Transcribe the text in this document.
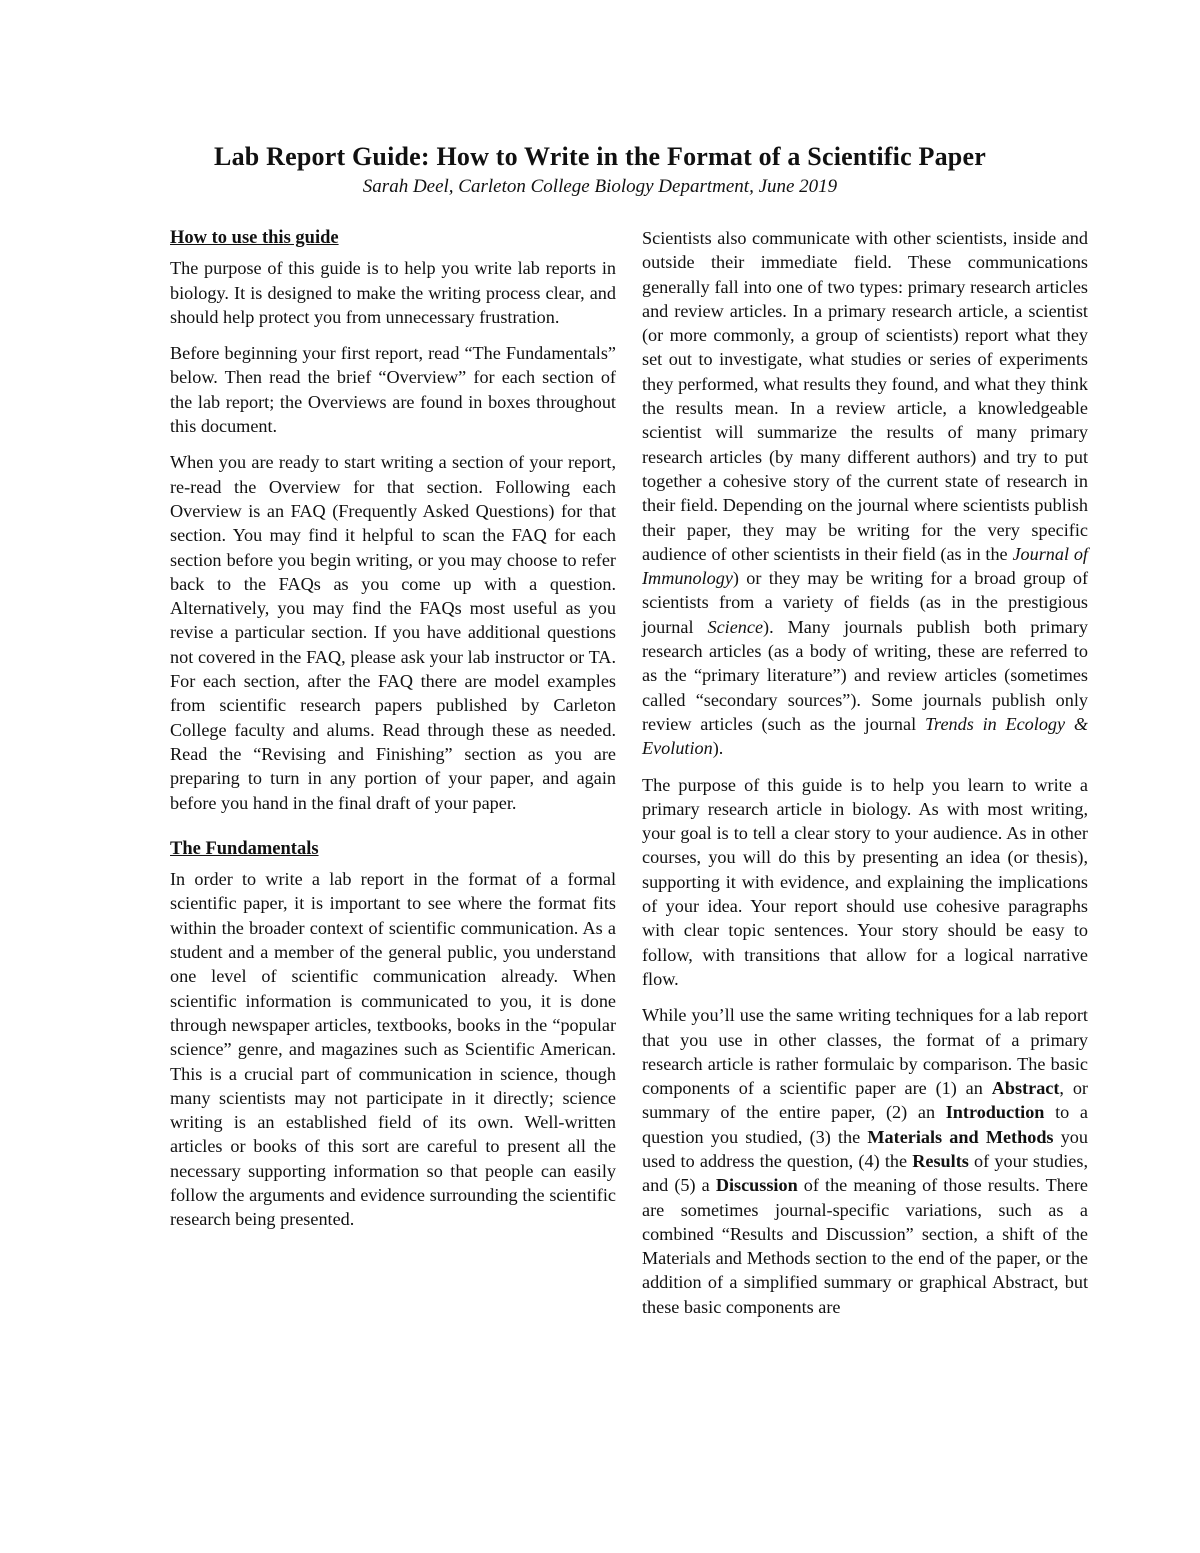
Lab Report Guide: How to Write in the Format of a Scientific Paper
Sarah Deel, Carleton College Biology Department, June 2019
How to use this guide

The purpose of this guide is to help you write lab reports in biology. It is designed to make the writing process clear, and should help protect you from unnecessary frustration.

Before beginning your first report, read “The Fundamentals” below. Then read the brief “Overview” for each section of the lab report; the Overviews are found in boxes throughout this document.

When you are ready to start writing a section of your report, re-read the Overview for that section. Following each Overview is an FAQ (Frequently Asked Questions) for that section. You may find it helpful to scan the FAQ for each section before you begin writing, or you may choose to refer back to the FAQs as you come up with a question. Alternatively, you may find the FAQs most useful as you revise a particular section. If you have additional questions not covered in the FAQ, please ask your lab instructor or TA. For each section, after the FAQ there are model examples from scientific research papers published by Carleton College faculty and alums. Read through these as needed. Read the “Revising and Finishing” section as you are preparing to turn in any portion of your paper, and again before you hand in the final draft of your paper.

The Fundamentals

In order to write a lab report in the format of a formal scientific paper, it is important to see where the format fits within the broader context of scientific communication. As a student and a member of the general public, you understand one level of scientific communication already. When scientific information is communicated to you, it is done through newspaper articles, textbooks, books in the “popular science” genre, and magazines such as Scientific American. This is a crucial part of communication in science, though many scientists may not participate in it directly; science writing is an established field of its own. Well-written articles or books of this sort are careful to present all the necessary supporting information so that people can easily follow the arguments and evidence surrounding the scientific research being presented.

Scientists also communicate with other scientists, inside and outside their immediate field. These communications generally fall into one of two types: primary research articles and review articles. In a primary research article, a scientist (or more commonly, a group of scientists) report what they set out to investigate, what studies or series of experiments they performed, what results they found, and what they think the results mean. In a review article, a knowledgeable scientist will summarize the results of many primary research articles (by many different authors) and try to put together a cohesive story of the current state of research in their field. Depending on the journal where scientists publish their paper, they may be writing for the very specific audience of other scientists in their field (as in the Journal of Immunology) or they may be writing for a broad group of scientists from a variety of fields (as in the prestigious journal Science). Many journals publish both primary research articles (as a body of writing, these are referred to as the “primary literature”) and review articles (sometimes called “secondary sources”). Some journals publish only review articles (such as the journal Trends in Ecology & Evolution).

The purpose of this guide is to help you learn to write a primary research article in biology. As with most writing, your goal is to tell a clear story to your audience. As in other courses, you will do this by presenting an idea (or thesis), supporting it with evidence, and explaining the implications of your idea. Your report should use cohesive paragraphs with clear topic sentences. Your story should be easy to follow, with transitions that allow for a logical narrative flow.

While you’ll use the same writing techniques for a lab report that you use in other classes, the format of a primary research article is rather formulaic by comparison. The basic components of a scientific paper are (1) an Abstract, or summary of the entire paper, (2) an Introduction to a question you studied, (3) the Materials and Methods you used to address the question, (4) the Results of your studies, and (5) a Discussion of the meaning of those results. There are sometimes journal-specific variations, such as a combined “Results and Discussion” section, a shift of the Materials and Methods section to the end of the paper, or the addition of a simplified summary or graphical Abstract, but these basic components are
